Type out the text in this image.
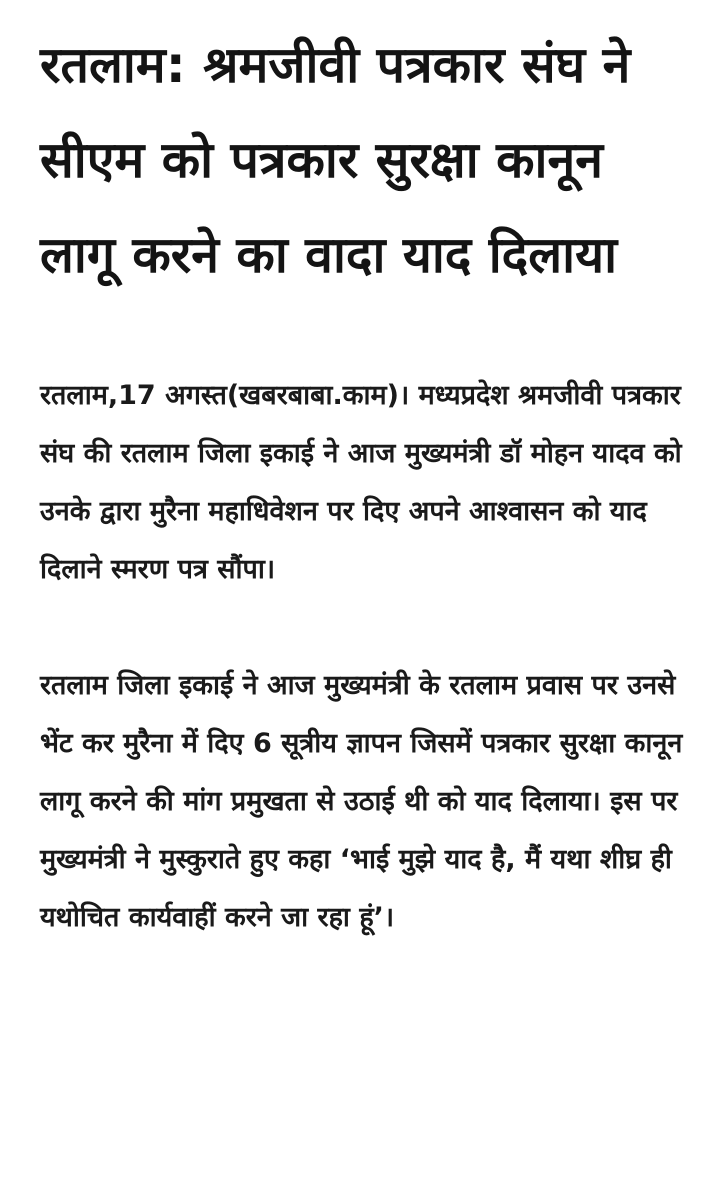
रतलाम: श्रमजीवी पत्रकार संघ ने सीएम को पत्रकार सुरक्षा कानून लागू करने का वादा याद दिलाया

रतलाम,17 अगस्त(खबरबाबा.काम)। मध्यप्रदेश श्रमजीवी पत्रकार संघ की रतलाम जिला इकाई ने आज मुख्यमंत्री डॉ मोहन यादव को उनके द्वारा मुरैना महाधिवेशन पर दिए अपने आश्वासन को याद दिलाने स्मरण पत्र सौंपा।

रतलाम जिला इकाई ने आज मुख्यमंत्री के रतलाम प्रवास पर उनसे भेंट कर मुरैना में दिए 6 सूत्रीय ज्ञापन जिसमें पत्रकार सुरक्षा कानून लागू करने की मांग प्रमुखता से उठाई थी को याद दिलाया। इस पर मुख्यमंत्री ने मुस्कुराते हुए कहा ‘भाई मुझे याद है, मैं यथा शीघ्र ही यथोचित कार्यवाहीं करने जा रहा हूं’।
